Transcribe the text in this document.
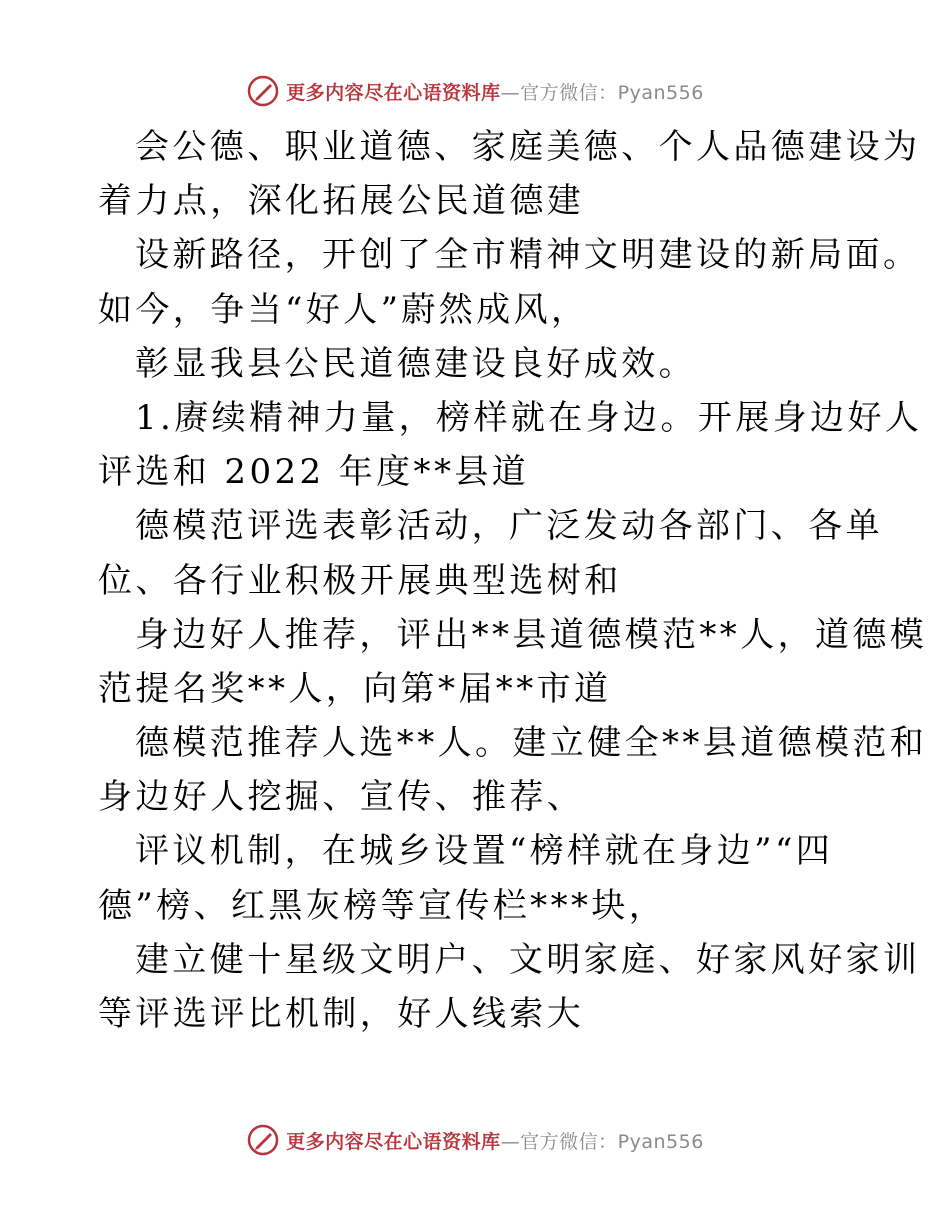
更多内容尽在心语资料库—官方微信：Pyan556
会公德、职业道德、家庭美德、个人品德建设为
着力点，深化拓展公民道德建
设新路径，开创了全市精神文明建设的新局面。
如今，争当“好人”蔚然成风，
彰显我县公民道德建设良好成效。
1.赓续精神力量，榜样就在身边。开展身边好人
评选和 2022 年度**县道
德模范评选表彰活动，广泛发动各部门、各单
位、各行业积极开展典型选树和
身边好人推荐，评出**县道德模范**人，道德模
范提名奖**人，向第*届**市道
德模范推荐人选**人。建立健全**县道德模范和
身边好人挖掘、宣传、推荐、
评议机制，在城乡设置“榜样就在身边”“四
德”榜、红黑灰榜等宣传栏***块，
建立健十星级文明户、文明家庭、好家风好家训
等评选评比机制，好人线索大
更多内容尽在心语资料库—官方微信：Pyan556
